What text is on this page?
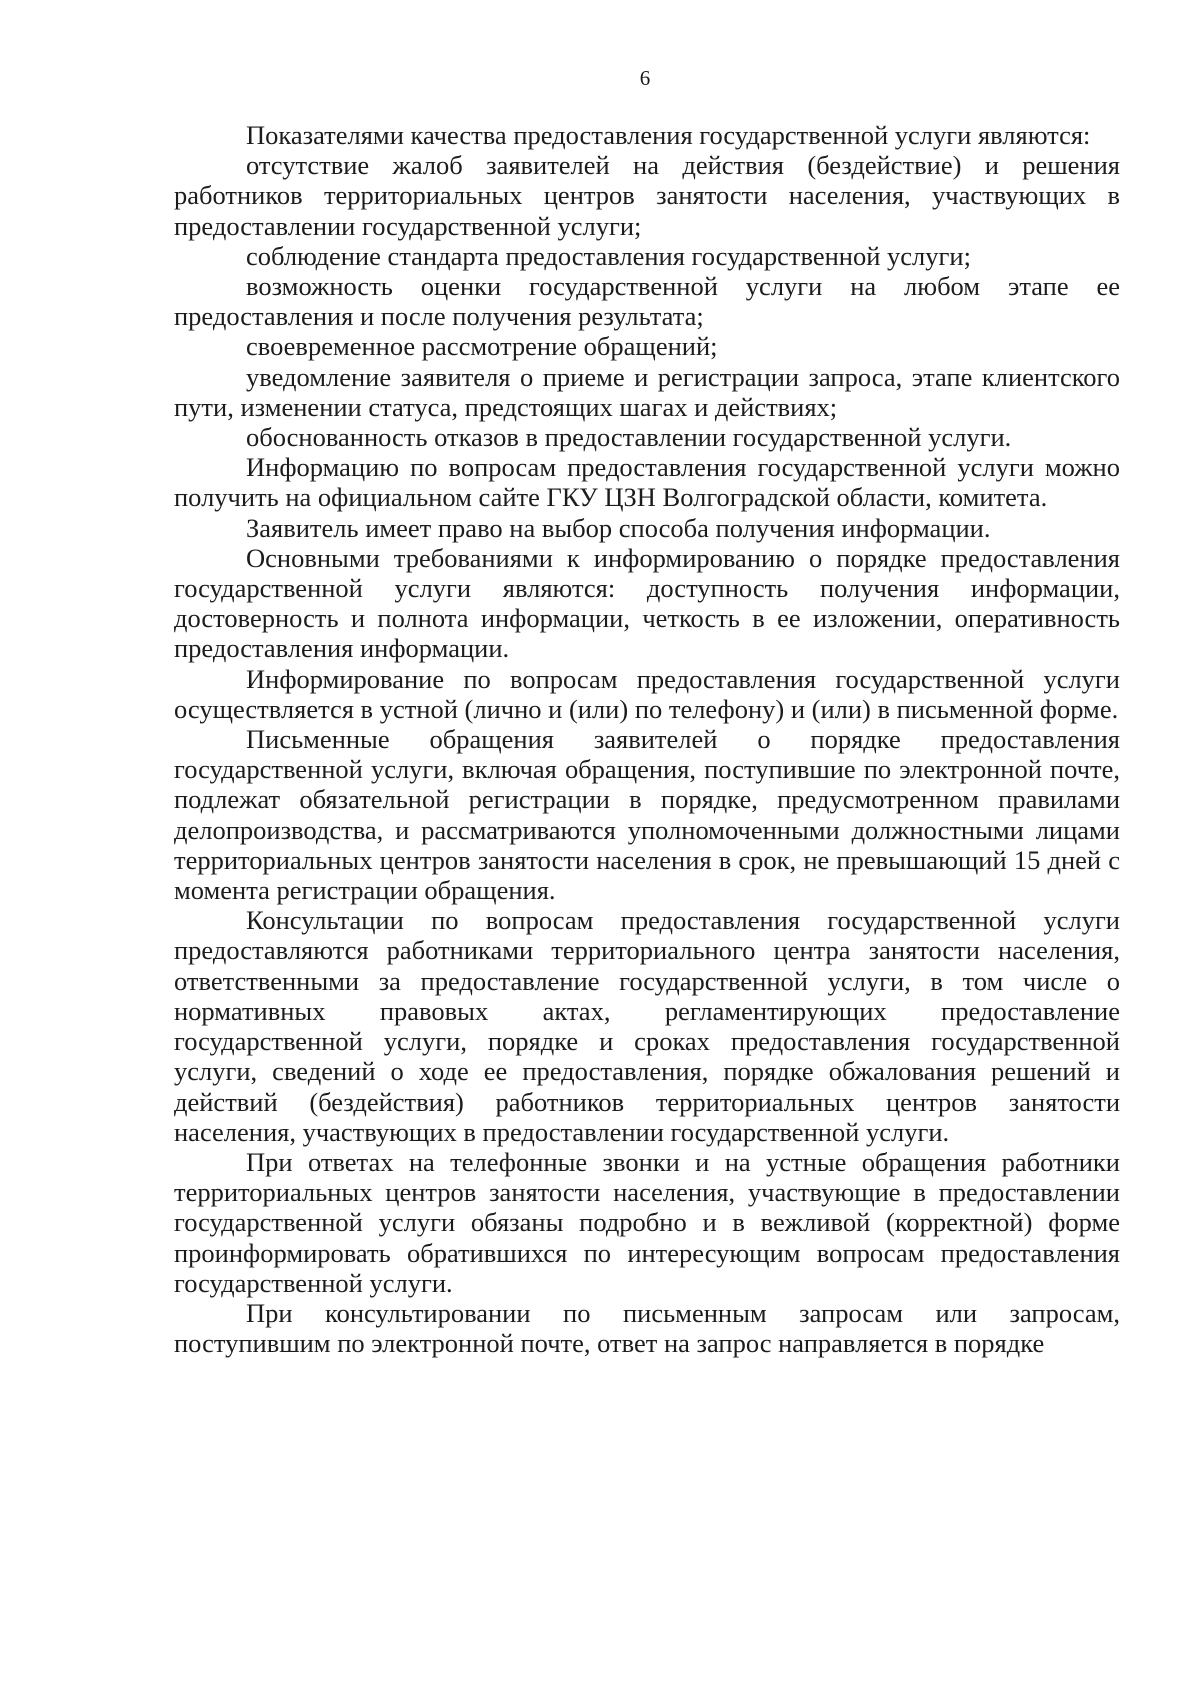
6

Показателями качества предоставления государственной услуги являются:

отсутствие жалоб заявителей на действия (бездействие) и решения работников территориальных центров занятости населения, участвующих в предоставлении государственной услуги;

соблюдение стандарта предоставления государственной услуги;

возможность оценки государственной услуги на любом этапе ее предоставления и после получения результата;

своевременное рассмотрение обращений;

уведомление заявителя о приеме и регистрации запроса, этапе клиентского пути, изменении статуса, предстоящих шагах и действиях;

обоснованность отказов в предоставлении государственной услуги.

Информацию по вопросам предоставления государственной услуги можно получить на официальном сайте ГКУ ЦЗН Волгоградской области, комитета.

Заявитель имеет право на выбор способа получения информации.

Основными требованиями к информированию о порядке предоставления государственной услуги являются: доступность получения информации, достоверность и полнота информации, четкость в ее изложении, оперативность предоставления информации.

Информирование по вопросам предоставления государственной услуги осуществляется в устной (лично и (или) по телефону) и (или) в письменной форме.

Письменные обращения заявителей о порядке предоставления государственной услуги, включая обращения, поступившие по электронной почте, подлежат обязательной регистрации в порядке, предусмотренном правилами делопроизводства, и рассматриваются уполномоченными должностными лицами территориальных центров занятости населения в срок, не превышающий 15 дней с момента регистрации обращения.

Консультации по вопросам предоставления государственной услуги предоставляются работниками территориального центра занятости населения, ответственными за предоставление государственной услуги, в том числе о нормативных правовых актах, регламентирующих предоставление государственной услуги, порядке и сроках предоставления государственной услуги, сведений о ходе ее предоставления, порядке обжалования решений и действий (бездействия) работников территориальных центров занятости населения, участвующих в предоставлении государственной услуги.

При ответах на телефонные звонки и на устные обращения работники территориальных центров занятости населения, участвующие в предоставлении государственной услуги обязаны подробно и в вежливой (корректной) форме проинформировать обратившихся по интересующим вопросам предоставления государственной услуги.

При консультировании по письменным запросам или запросам, поступившим по электронной почте, ответ на запрос направляется в порядке
